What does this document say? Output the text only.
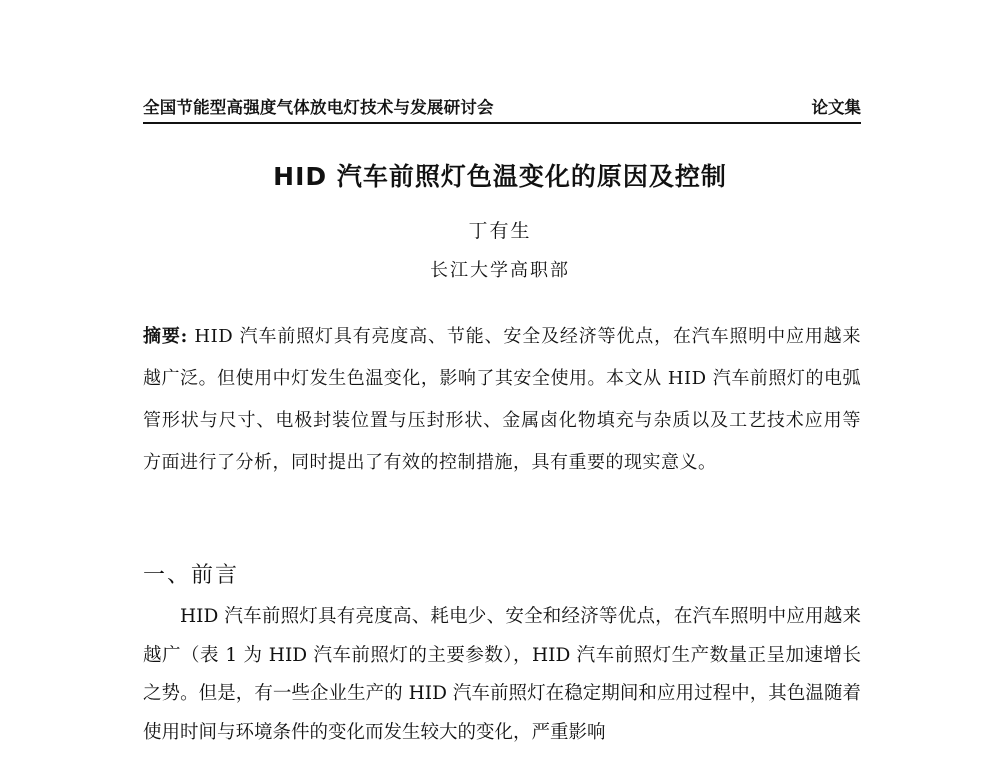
全国节能型高强度气体放电灯技术与发展研讨会	论文集
HID 汽车前照灯色温变化的原因及控制
丁有生
长江大学高职部
摘要: HID 汽车前照灯具有亮度高、节能、安全及经济等优点，在汽车照明中应用越来越广泛。但使用中灯发生色温变化，影响了其安全使用。本文从 HID 汽车前照灯的电弧管形状与尺寸、电极封装位置与压封形状、金属卤化物填充与杂质以及工艺技术应用等方面进行了分析，同时提出了有效的控制措施，具有重要的现实意义。
一、前言
HID 汽车前照灯具有亮度高、耗电少、安全和经济等优点，在汽车照明中应用越来越广（表 1 为 HID 汽车前照灯的主要参数），HID 汽车前照灯生产数量正呈加速增长之势。但是，有一些企业生产的 HID 汽车前照灯在稳定期间和应用过程中，其色温随着使用时间与环境条件的变化而发生较大的变化，严重影响
